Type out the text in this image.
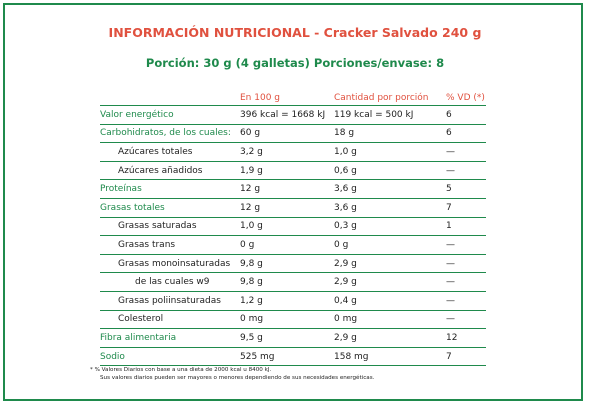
INFORMACIÓN NUTRICIONAL - Cracker Salvado 240 g
Porción: 30 g (4 galletas) Porciones/envase: 8
	En 100 g	Cantidad por porción	% VD (*)
Valor energético	396 kcal = 1668 kJ	119 kcal = 500 kJ	6
Carbohidratos, de los cuales:	60 g	18 g	6
Azúcares totales	3,2 g	1,0 g	—
Azúcares añadidos	1,9 g	0,6 g	—
Proteínas	12 g	3,6 g	5
Grasas totales	12 g	3,6 g	7
Grasas saturadas	1,0 g	0,3 g	1
Grasas trans	0 g	0 g	—
Grasas monoinsaturadas	9,8 g	2,9 g	—
de las cuales w9	9,8 g	2,9 g	—
Grasas poliinsaturadas	1,2 g	0,4 g	—
Colesterol	0 mg	0 mg	—
Fibra alimentaria	9,5 g	2,9 g	12
Sodio	525 mg	158 mg	7
* % Valores Diarios con base a una dieta de 2000 kcal u 8400 kJ.
Sus valores diarios pueden ser mayores o menores dependiendo de sus necesidades energéticas.
